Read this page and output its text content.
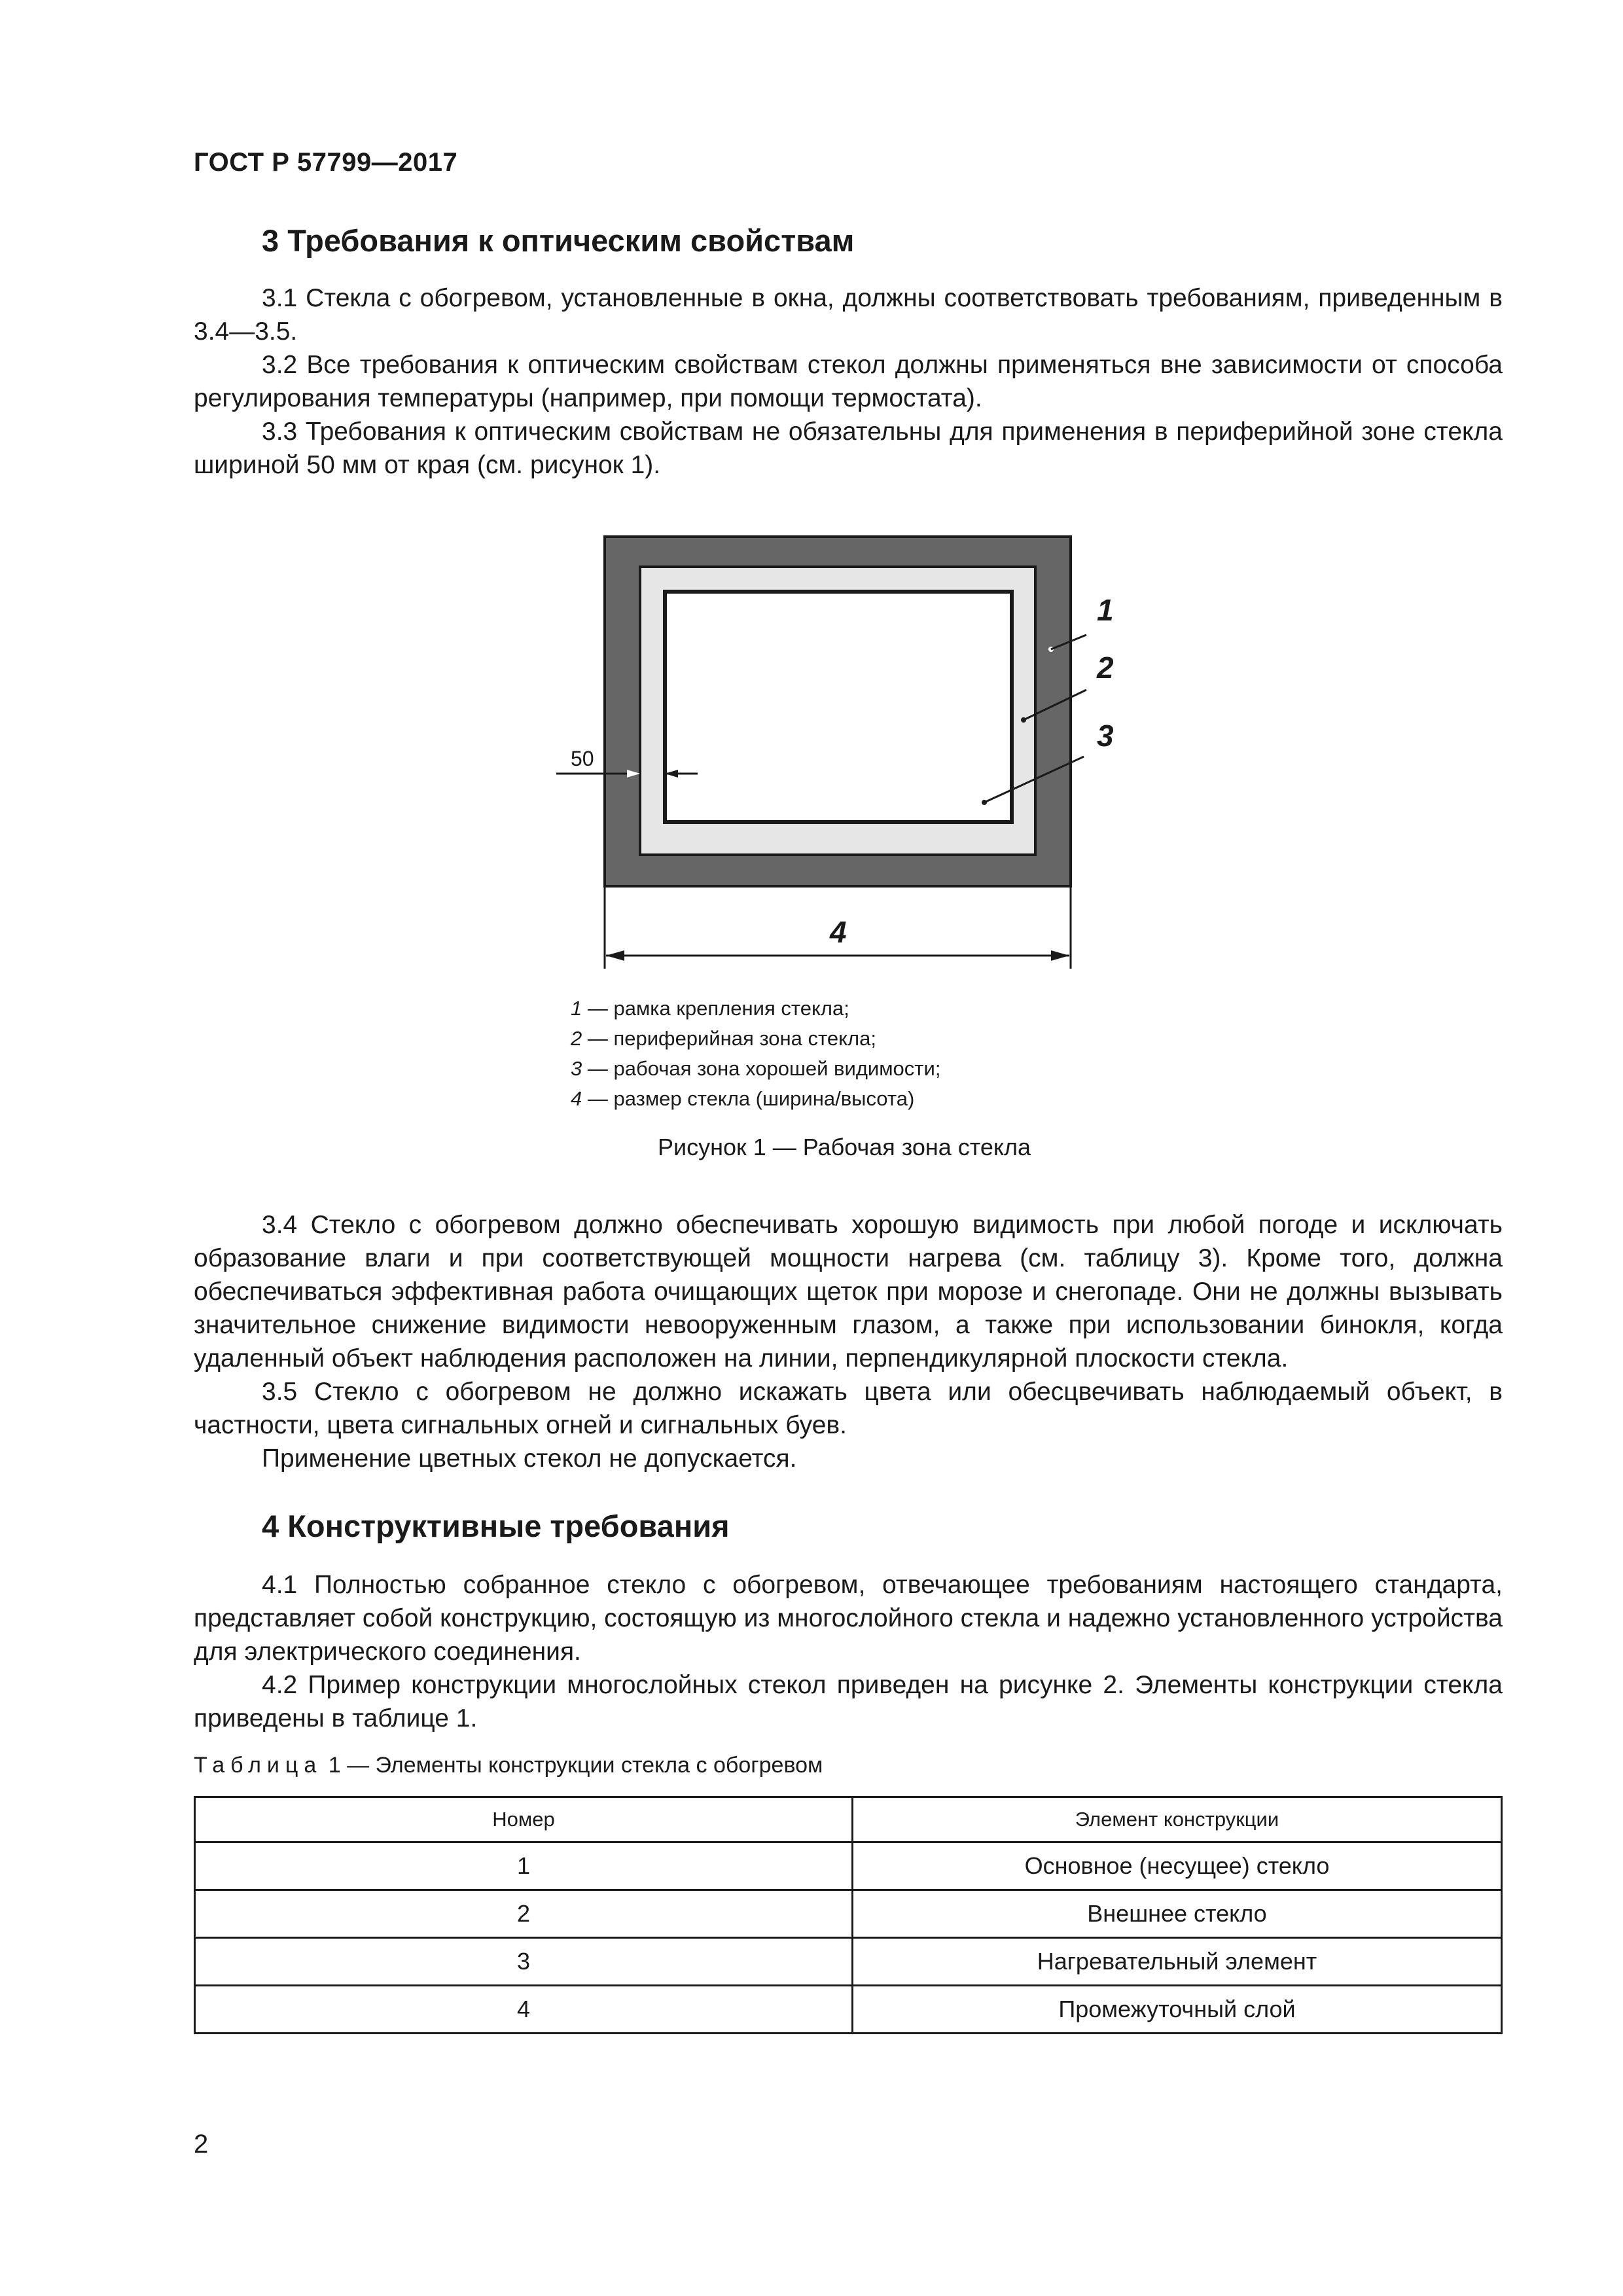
ГОСТ Р 57799—2017
3 Требования к оптическим свойствам

3.1 Стекла с обогревом, установленные в окна, должны соответствовать требованиям, приведенным в 3.4—3.5.

3.2 Все требования к оптическим свойствам стекол должны применяться вне зависимости от способа регулирования температуры (например, при помощи термостата).

3.3 Требования к оптическим свойствам не обязательны для применения в периферийной зоне стекла шириной 50 мм от края (см. рисунок 1).

50
1
2
3
4
1 — рамка крепления стекла;
2 — периферийная зона стекла;
3 — рабочая зона хорошей видимости;
4 — размер стекла (ширина/высота)
Рисунок 1 — Рабочая зона стекла

3.4 Стекло с обогревом должно обеспечивать хорошую видимость при любой погоде и исключать образование влаги и при соответствующей мощности нагрева (см. таблицу 3). Кроме того, должна обеспечиваться эффективная работа очищающих щеток при морозе и снегопаде. Они не должны вызывать значительное снижение видимости невооруженным глазом, а также при использовании бинокля, когда удаленный объект наблюдения расположен на линии, перпендикулярной плоскости стекла.

3.5 Стекло с обогревом не должно искажать цвета или обесцвечивать наблюдаемый объект, в частности, цвета сигнальных огней и сигнальных буев.

Применение цветных стекол не допускается.

4 Конструктивные требования

4.1 Полностью собранное стекло с обогревом, отвечающее требованиям настоящего стандарта, представляет собой конструкцию, состоящую из многослойного стекла и надежно установленного устройства для электрического соединения.

4.2 Пример конструкции многослойных стекол приведен на рисунке 2. Элементы конструкции стекла приведены в таблице 1.

Таблица 1 — Элементы конструкции стекла с обогревом
Номер	Элемент конструкции
1	Основное (несущее) стекло
2	Внешнее стекло
3	Нагревательный элемент
4	Промежуточный слой
2
